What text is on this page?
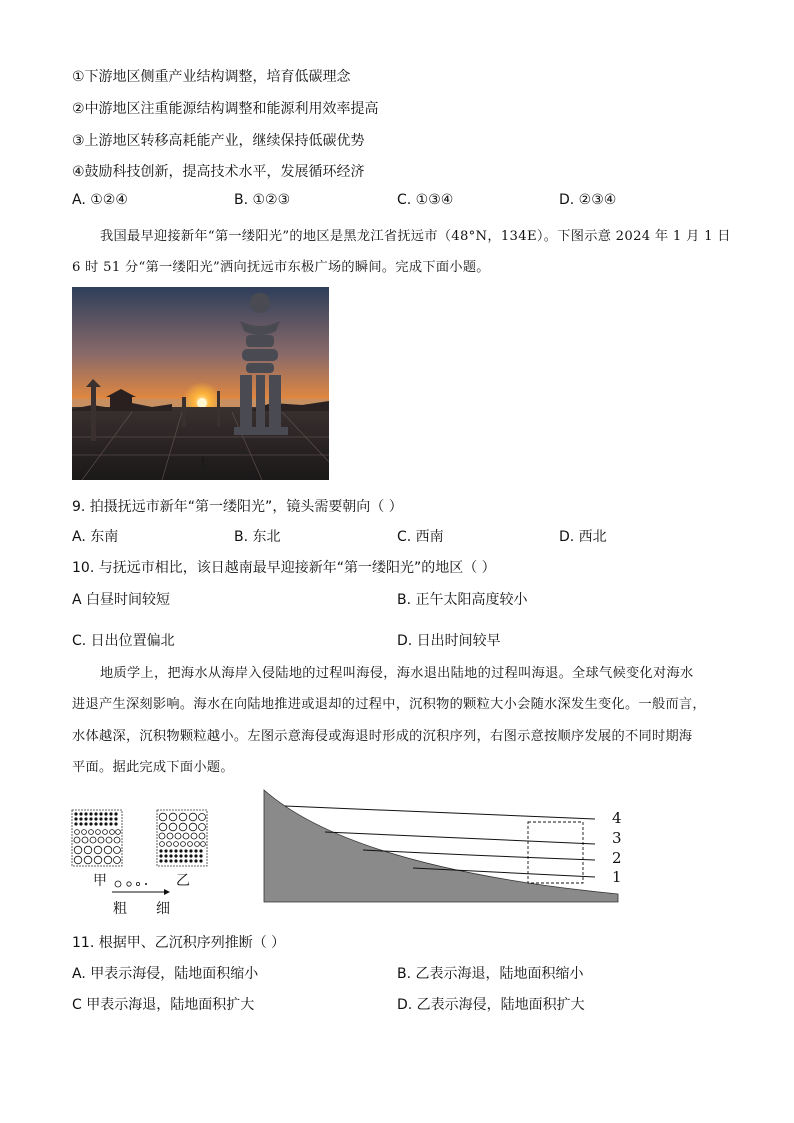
①下游地区侧重产业结构调整，培育低碳理念
②中游地区注重能源结构调整和能源利用效率提高
③上游地区转移高耗能产业，继续保持低碳优势
④鼓励科技创新，提高技术水平，发展循环经济
A. ①②④	B. ①②③	C. ①③④	D. ②③④
我国最早迎接新年“第一缕阳光”的地区是黑龙江省抚远市（48°N，134E）。下图示意 2024 年 1 月 1 日
6 时 51 分“第一缕阳光”洒向抚远市东极广场的瞬间。完成下面小题。
9. 拍摄抚远市新年“第一缕阳光”，镜头需要朝向（ ）
A. 东南	B. 东北	C. 西南	D. 西北
10. 与抚远市相比，该日越南最早迎接新年“第一缕阳光”的地区（ ）
A 白昼时间较短	B. 正午太阳高度较小
C. 日出位置偏北	D. 日出时间较早
地质学上，把海水从海岸入侵陆地的过程叫海侵，海水退出陆地的过程叫海退。全球气候变化对海水
进退产生深刻影响。海水在向陆地推进或退却的过程中，沉积物的颗粒大小会随水深发生变化。一般而言，
水体越深，沉积物颗粒越小。左图示意海侵或海退时形成的沉积序列，右图示意按顺序发展的不同时期海
平面。据此完成下面小题。
甲	乙
粗 细
4
3
2
1
11. 根据甲、乙沉积序列推断（ ）
A. 甲表示海侵，陆地面积缩小	B. 乙表示海退，陆地面积缩小
C 甲表示海退，陆地面积扩大	D. 乙表示海侵，陆地面积扩大
